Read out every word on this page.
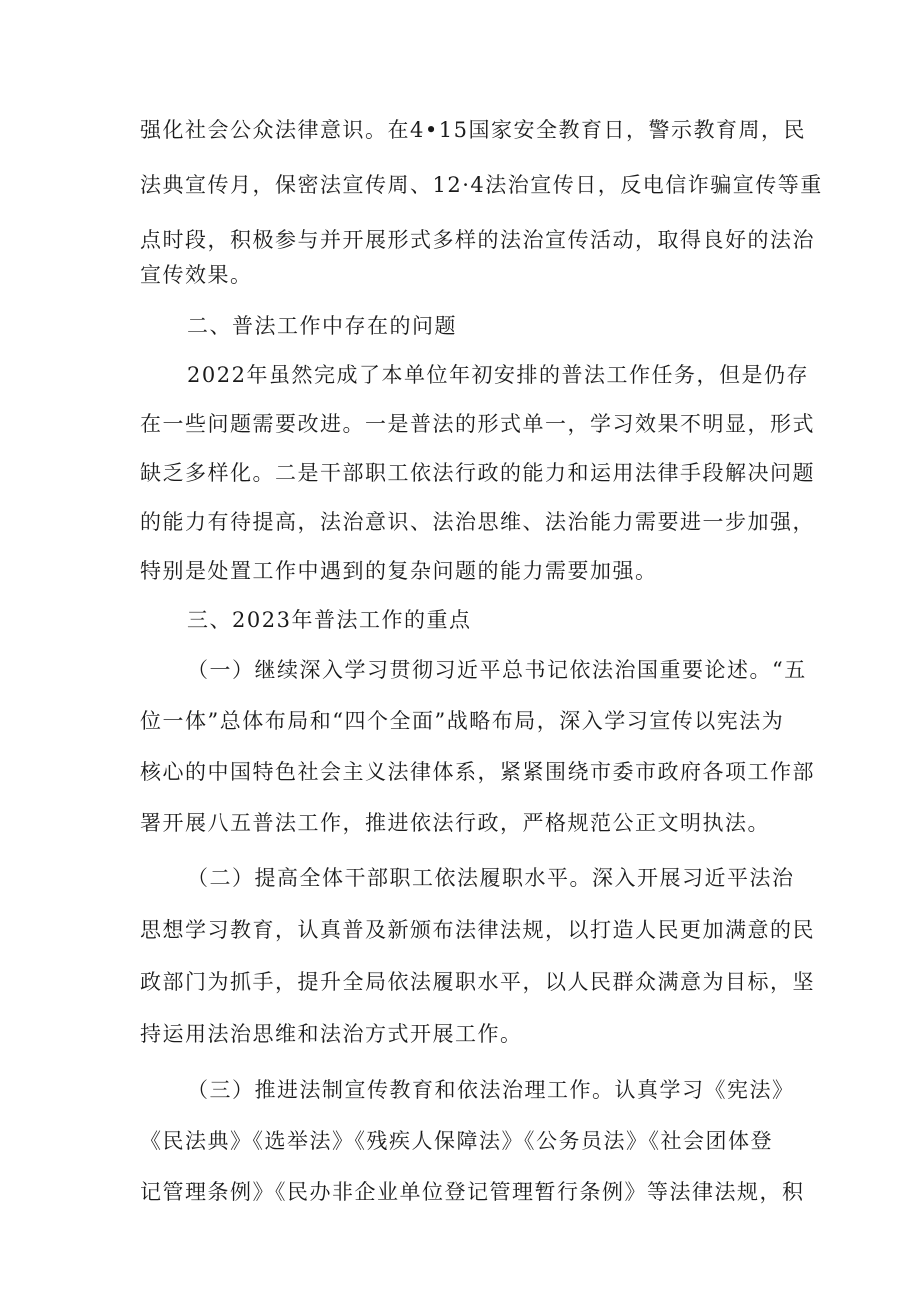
强化社会公众法律意识。在4•15国家安全教育日，警示教育周，民
法典宣传月，保密法宣传周、12·4法治宣传日，反电信诈骗宣传等重
点时段，积极参与并开展形式多样的法治宣传活动，取得良好的法治
宣传效果。
二、普法工作中存在的问题
2022年虽然完成了本单位年初安排的普法工作任务，但是仍存
在一些问题需要改进。一是普法的形式单一，学习效果不明显，形式
缺乏多样化。二是干部职工依法行政的能力和运用法律手段解决问题
的能力有待提高，法治意识、法治思维、法治能力需要进一步加强，
特别是处置工作中遇到的复杂问题的能力需要加强。
三、2023年普法工作的重点
（一）继续深入学习贯彻习近平总书记依法治国重要论述。“五
位一体”总体布局和“四个全面”战略布局，深入学习宣传以宪法为
核心的中国特色社会主义法律体系，紧紧围绕市委市政府各项工作部
署开展八五普法工作，推进依法行政，严格规范公正文明执法。
（二）提高全体干部职工依法履职水平。深入开展习近平法治
思想学习教育，认真普及新颁布法律法规，以打造人民更加满意的民
政部门为抓手，提升全局依法履职水平，以人民群众满意为目标，坚
持运用法治思维和法治方式开展工作。
（三）推进法制宣传教育和依法治理工作。认真学习《宪法》
《民法典》《选举法》《残疾人保障法》《公务员法》《社会团体登
记管理条例》《民办非企业单位登记管理暂行条例》等法律法规，积
